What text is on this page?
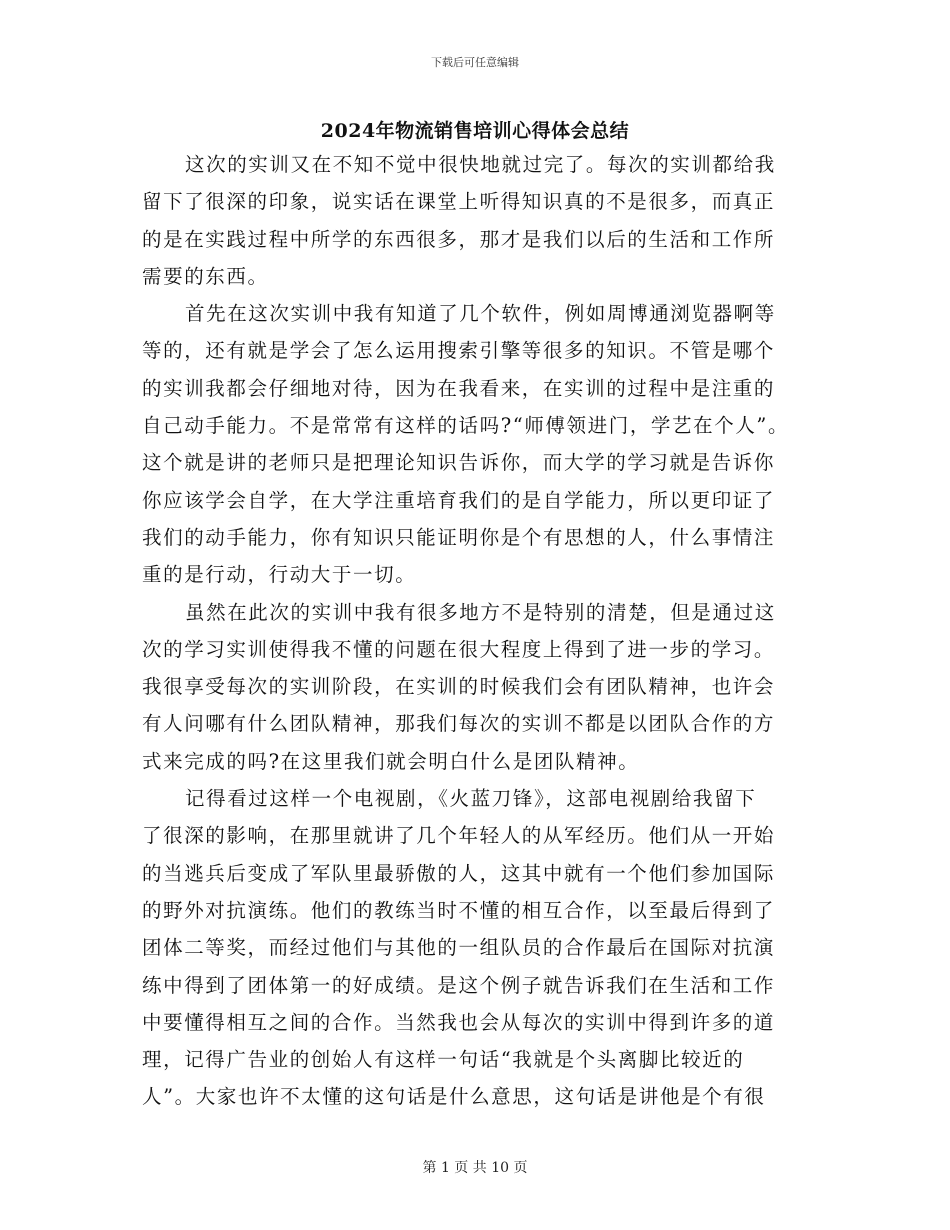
下载后可任意编辑
2024年物流销售培训心得体会总结
这次的实训又在不知不觉中很快地就过完了。每次的实训都给我
留下了很深的印象，说实话在课堂上听得知识真的不是很多，而真正
的是在实践过程中所学的东西很多，那才是我们以后的生活和工作所
需要的东西。
首先在这次实训中我有知道了几个软件，例如周博通浏览器啊等
等的，还有就是学会了怎么运用搜索引擎等很多的知识。不管是哪个
的实训我都会仔细地对待，因为在我看来，在实训的过程中是注重的
自己动手能力。不是常常有这样的话吗?“师傅领进门，学艺在个人”。
这个就是讲的老师只是把理论知识告诉你，而大学的学习就是告诉你
你应该学会自学，在大学注重培育我们的是自学能力，所以更印证了
我们的动手能力，你有知识只能证明你是个有思想的人，什么事情注
重的是行动，行动大于一切。
虽然在此次的实训中我有很多地方不是特别的清楚，但是通过这
次的学习实训使得我不懂的问题在很大程度上得到了进一步的学习。
我很享受每次的实训阶段，在实训的时候我们会有团队精神，也许会
有人问哪有什么团队精神，那我们每次的实训不都是以团队合作的方
式来完成的吗?在这里我们就会明白什么是团队精神。
记得看过这样一个电视剧，《火蓝刀锋》，这部电视剧给我留下
了很深的影响，在那里就讲了几个年轻人的从军经历。他们从一开始
的当逃兵后变成了军队里最骄傲的人，这其中就有一个他们参加国际
的野外对抗演练。他们的教练当时不懂的相互合作，以至最后得到了
团体二等奖，而经过他们与其他的一组队员的合作最后在国际对抗演
练中得到了团体第一的好成绩。是这个例子就告诉我们在生活和工作
中要懂得相互之间的合作。当然我也会从每次的实训中得到许多的道
理，记得广告业的创始人有这样一句话“我就是个头离脚比较近的
人”。大家也许不太懂的这句话是什么意思，这句话是讲他是个有很
第 1 页 共 10 页
